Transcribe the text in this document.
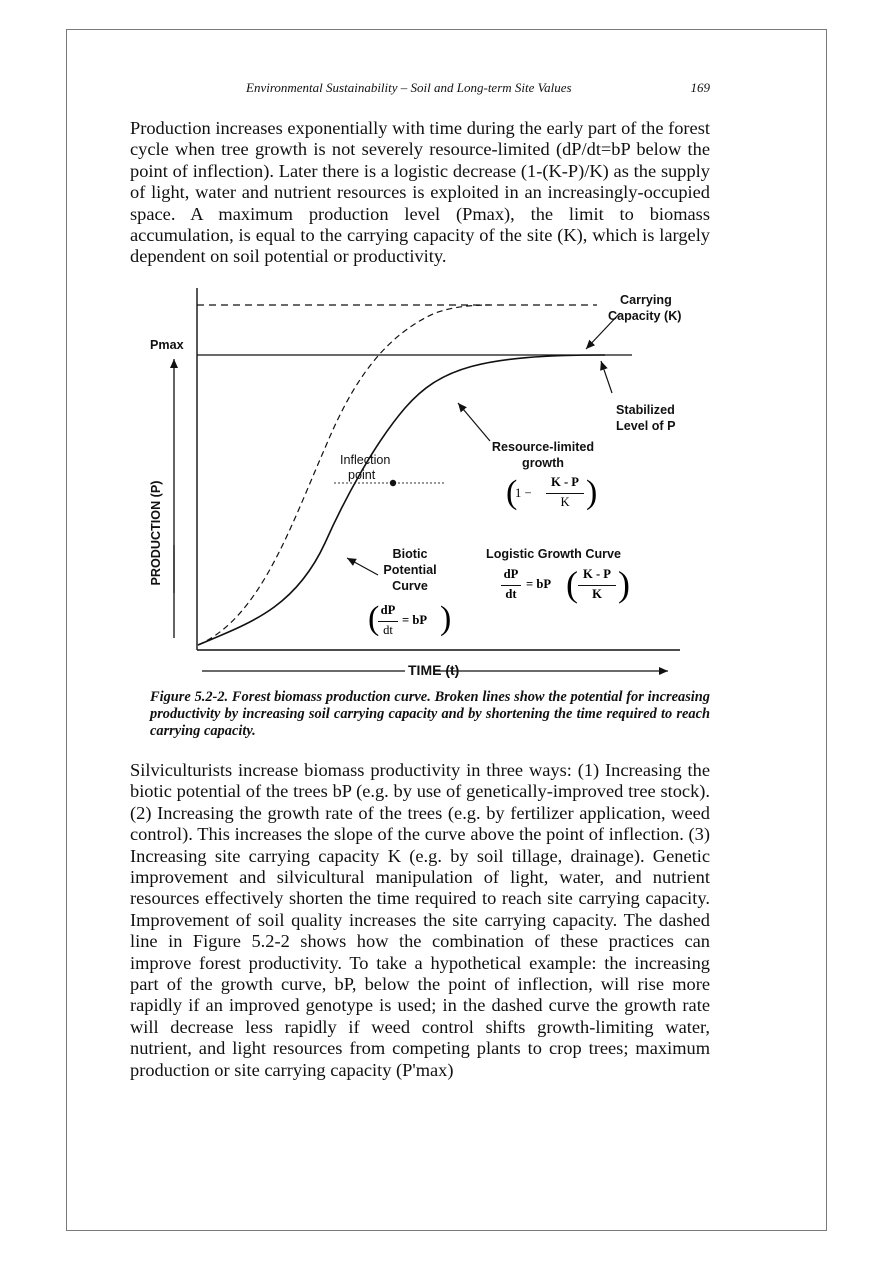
Environmental Sustainability – Soil and Long-term Site Values	169

Production increases exponentially with time during the early part of the forest cycle when tree growth is not severely resource-limited (dP/dt=bP below the point of inflection). Later there is a logistic decrease (1-(K-P)/K) as the supply of light, water and nutrient resources is exploited in an increasingly-occupied space. A maximum production level (Pmax), the limit to biomass accumulation, is equal to the carrying capacity of the site (K), which is largely dependent on soil potential or productivity.

Pmax
Carrying
Capacity (K)
Stabilized
Level of P
Resource-limited
growth
Inflection
point
Biotic
Potential
Curve
Logistic Growth Curve
PRODUCTION (P)
TIME (t)
(
1 −
K - P
K )
dP
dt
= bP ( K - P
K )
( dP
dt
= bP )

Figure 5.2-2. Forest biomass production curve. Broken lines show the potential for increasing productivity by increasing soil carrying capacity and by shortening the time required to reach carrying capacity.

Silviculturists increase biomass productivity in three ways: (1) Increasing the biotic potential of the trees bP (e.g. by use of genetically-improved tree stock). (2) Increasing the growth rate of the trees (e.g. by fertilizer application, weed control). This increases the slope of the curve above the point of inflection. (3) Increasing site carrying capacity K (e.g. by soil tillage, drainage). Genetic improvement and silvicultural manipulation of light, water, and nutrient resources effectively shorten the time required to reach site carrying capacity. Improvement of soil quality increases the site carrying capacity. The dashed line in Figure 5.2-2 shows how the combination of these practices can improve forest productivity. To take a hypothetical example: the increasing part of the growth curve, bP, below the point of inflection, will rise more rapidly if an improved genotype is used; in the dashed curve the growth rate will decrease less rapidly if weed control shifts growth-limiting water, nutrient, and light resources from competing plants to crop trees; maximum production or site carrying capacity (P'max)
